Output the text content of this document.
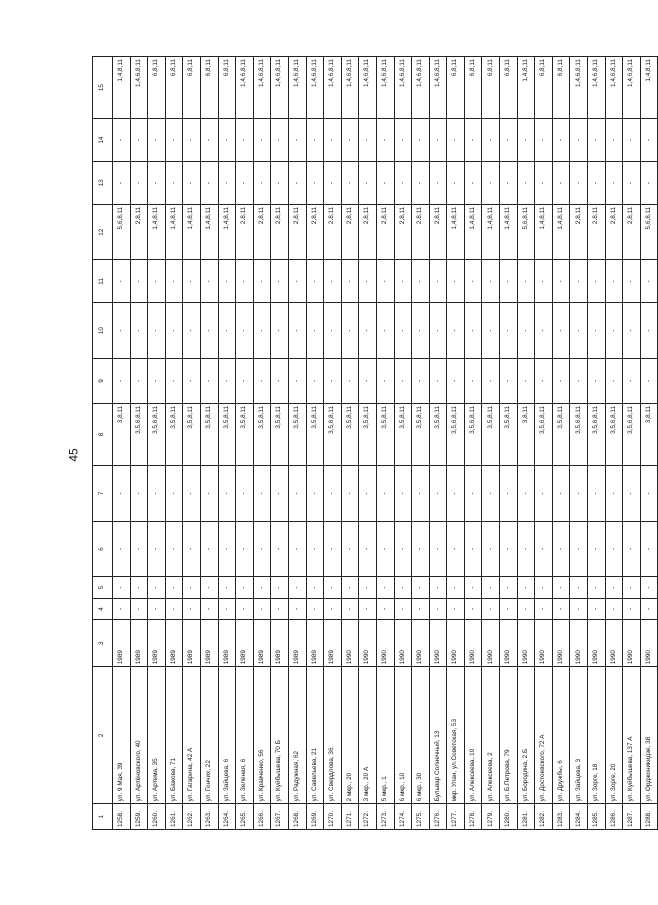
45
1	2	3	4	5	6	7	8	9	10	11	12	13	14	15
1258.	ул. 9 Мая, 39	1989	-	-	-	-	3,8,11	-	-	-	5,6,8,11	-	-	1,4,8,11
1259.	ул. Артёновского, 40	1989	-	-	-	-	3,5,6,8,11	-	-	-	2,8,11	-	-	1,4,6,8,11
1260.	ул. Артема, 35	1989	-	-	-	-	3,5,6,8,11	-	-	-	1,4,8,11	-	-	6,8,11
1261.	ул. Бажова, 71	1989	-	-	-	-	3,5,8,11	-	-	-	1,4,8,11	-	-	6,8,11
1262.	ул. Гагарина, 42 А	1989	-	-	-	-	3,5,8,11	-	-	-	1,4,8,11	-	-	6,8,11
1263.	ул. Гончих, 22	1989	-	-	-	-	3,5,8,11	-	-	-	1,4,8,11	-	-	6,8,11
1264.	ул. Зайцева, 6	1989	-	-	-	-	3,5,8,11	-	-	-	1,4,8,11	-	-	6,8,11
1265.	ул. Зеленая, 6	1989	-	-	-	-	3,5,8,11	-	-	-	2,8,11	-	-	1,4,6,8,11
1266.	ул. Кравченко, 56	1989	-	-	-	-	3,5,8,11	-	-	-	2,8,11	-	-	1,4,6,8,11
1267.	ул. Куйбышева, 70 Б	1989	-	-	-	-	3,5,8,11	-	-	-	2,8,11	-	-	1,4,6,8,11
1268.	ул. Радужная, 62	1989	-	-	-	-	3,5,8,11	-	-	-	2,8,11	-	-	1,4,6,8,11
1269.	ул. Савельева, 21	1989	-	-	-	-	3,5,8,11	-	-	-	2,8,11	-	-	1,4,6,8,11
1270.	ул. Свердлова, 36	1989	-	-	-	-	3,5,6,8,11	-	-	-	2,8,11	-	-	1,4,6,8,11
1271.	2 мкр., 20	1990	-	-	-	-	3,5,8,11	-	-	-	2,8,11	-	-	1,4,6,8,11
1272.	3 мкр., 20 А	1990	-	-	-	-	3,5,8,11	-	-	-	2,8,11	-	-	1,4,6,8,11
1273.	5 мкр., 1	1990	-	-	-	-	3,5,8,11	-	-	-	2,8,11	-	-	1,4,6,8,11
1274.	6 мкр., 10	1990	-	-	-	-	3,5,8,11	-	-	-	2,8,11	-	-	1,4,6,8,11
1275.	6 мкр., 30	1990	-	-	-	-	3,5,8,11	-	-	-	2,8,11	-	-	1,4,6,8,11
1276.	Бульвар Солнечный, 13	1990	-	-	-	-	3,5,8,11	-	-	-	2,8,11	-	-	1,4,6,8,11
1277.	мкр. Улан, ул.Советская, 53	1990	-	-	-	-	3,5,6,8,11	-	-	-	1,4,8,11	-	-	6,8,11
1278.	ул. Алексеева, 10	1990	-	-	-	-	3,5,6,8,11	-	-	-	1,4,8,11	-	-	6,8,11
1279.	ул. Алексеева, 2	1990	-	-	-	-	3,5,8,11	-	-	-	1,4,8,11	-	-	6,8,11
1280.	ул. Б.Петрова, 79	1990	-	-	-	-	3,5,8,11	-	-	-	1,4,8,11	-	-	6,8,11
1281.	ул. Бородина, 2 Б	1990	-	-	-	-	3,8,11	-	-	-	5,6,8,11	-	-	1,4,8,11
1282.	ул. Достоевского, 72 А	1990	-	-	-	-	3,5,6,8,11	-	-	-	1,4,8,11	-	-	6,8,11
1283.	ул. Дружбы, 6	1990	-	-	-	-	3,5,8,11	-	-	-	1,4,8,11	-	-	6,8,11
1284.	ул. Зайцева, 3	1990	-	-	-	-	3,5,6,8,11	-	-	-	2,8,11	-	-	1,4,6,8,11
1285.	ул. Зорге, 18	1990	-	-	-	-	3,5,6,8,11	-	-	-	2,8,11	-	-	1,4,6,8,11
1286.	ул. Зорге, 20	1990	-	-	-	-	3,5,6,8,11	-	-	-	2,8,11	-	-	1,4,6,8,11
1287.	ул. Куйбышева, 137 А	1990	-	-	-	-	3,5,6,8,11	-	-	-	2,8,11	-	-	1,4,6,8,11
1288.	ул. Орджоникидзе, 38	1990	-	-	-	-	3,8,11	-	-	-	5,6,8,11	-	-	1,4,8,11
